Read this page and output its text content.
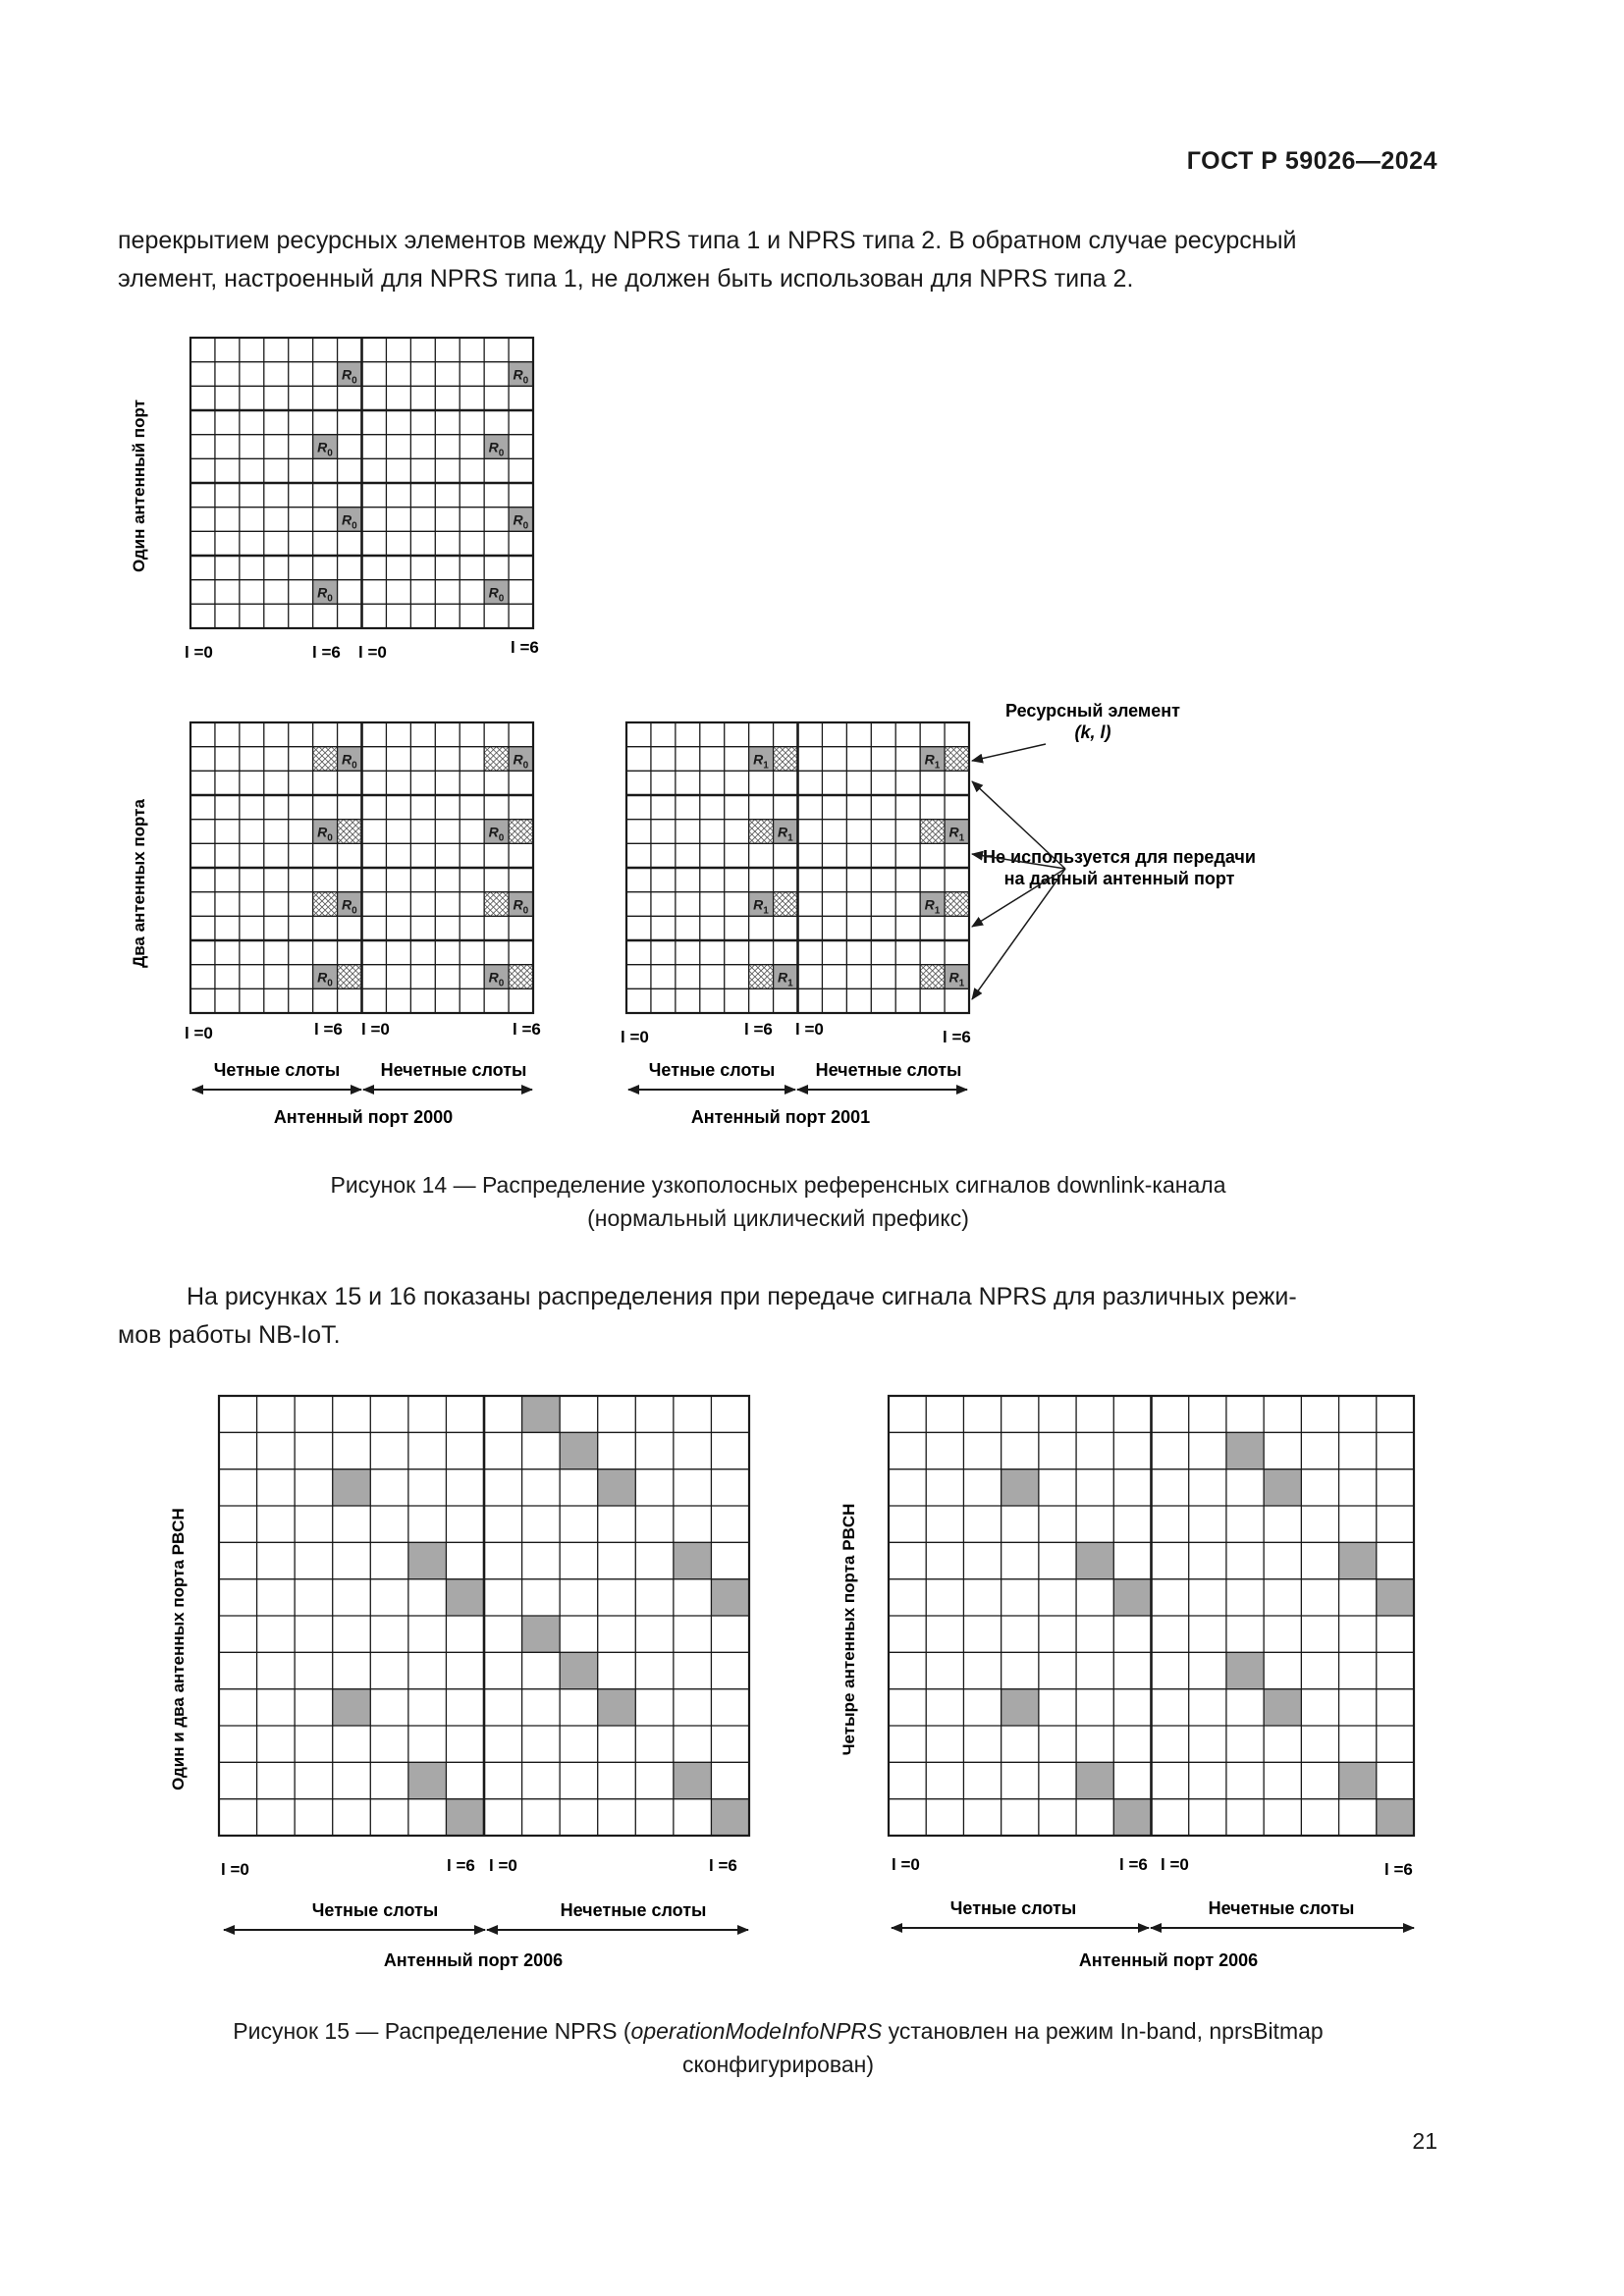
ГОСТ Р 59026—2024

перекрытием ресурсных элементов между NPRS типа 1 и NPRS типа 2. В обратном случае ресурсный

элемент, настроенный для NPRS типа 1, не должен быть использован для NPRS типа 2.

Рисунок 14 — Распределение узкополосных референсных сигналов downlink-канала

(нормальный циклический префикс)

На рисунках 15 и 16 показаны распределения при передаче сигнала NPRS для различных режи-

мов работы NB-IoT.

Рисунок 15 — Распределение NPRS (operationModeInfoNPRS установлен на режим In-band, nprsBitmap

сконфигурирован)

21
Один антенный порт
Два антенных порта
l =0	l =6 l =0	l =6
l =0	l =6 l =0	l =6	l =0	l =6 l =0	l =6
Четные слоты Нечетные слоты
Антенный порт 2000
Четные слоты Нечетные слоты
Антенный порт 2001
Ресурсный элемент
(k, l)
Не используется для передачи
на данный антенный порт
Один и два антенных порта PBCH	Четыре антенных порта PBCH
l =0	l =6 l =0	l =6
Четные слоты	Нечетные слоты
Антенный порт 2006
l =0	l =6 l =0	l =6
Четные слоты	Нечетные слоты
Антенный порт 2006
$R_0$	$R_0$
$R_0$	$R_0$
$R_0$	$R_0$
$R_0$	$R_0$
$R_0$	$R_0$
$R_0$	$R_0$
$R_0$	$R_0$
$R_0$	$R_0$
$R_1$	$R_1$
$R_1$	$R_1$
$R_1$	$R_1$
$R_1$	$R_1$
